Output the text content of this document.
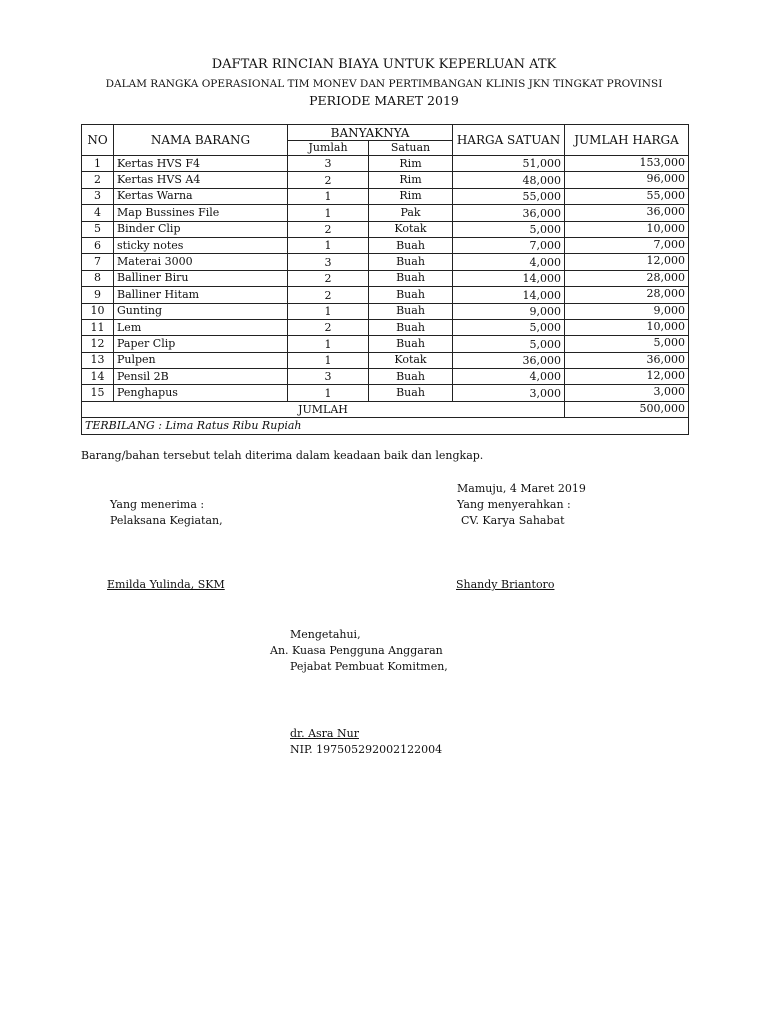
DAFTAR RINCIAN BIAYA UNTUK KEPERLUAN ATK
DALAM RANGKA OPERASIONAL TIM MONEV DAN PERTIMBANGAN KLINIS JKN TINGKAT PROVINSI
PERIODE MARET 2019
NO	NAMA BARANG	BANYAKNYA		HARGA SATUAN	JUMLAH HARGA
		Jumlah	Satuan		
1	Kertas HVS F4	3	Rim	51,000	153,000
2	Kertas HVS A4	2	Rim	48,000	96,000
3	Kertas Warna	1	Rim	55,000	55,000
4	Map Bussines File	1	Pak	36,000	36,000
5	Binder Clip	2	Kotak	5,000	10,000
6	sticky notes	1	Buah	7,000	7,000
7	Materai 3000	3	Buah	4,000	12,000
8	Balliner Biru	2	Buah	14,000	28,000
9	Balliner Hitam	2	Buah	14,000	28,000
10	Gunting	1	Buah	9,000	9,000
11	Lem	2	Buah	5,000	10,000
12	Paper Clip	1	Buah	5,000	5,000
13	Pulpen	1	Kotak	36,000	36,000
14	Pensil 2B	3	Buah	4,000	12,000
15	Penghapus	1	Buah	3,000	3,000
JUMLAH					500,000
TERBILANG : Lima Ratus Ribu Rupiah					
Barang/bahan tersebut telah diterima dalam keadaan baik dan lengkap.
Mamuju, 4 Maret 2019
Yang menerima :	Yang menyerahkan :
Pelaksana Kegiatan,	CV. Karya Sahabat
Emilda Yulinda, SKM	Shandy Briantoro
Mengetahui,
An. Kuasa Pengguna Anggaran
Pejabat Pembuat Komitmen,
dr. Asra Nur
NIP. 197505292002122004
